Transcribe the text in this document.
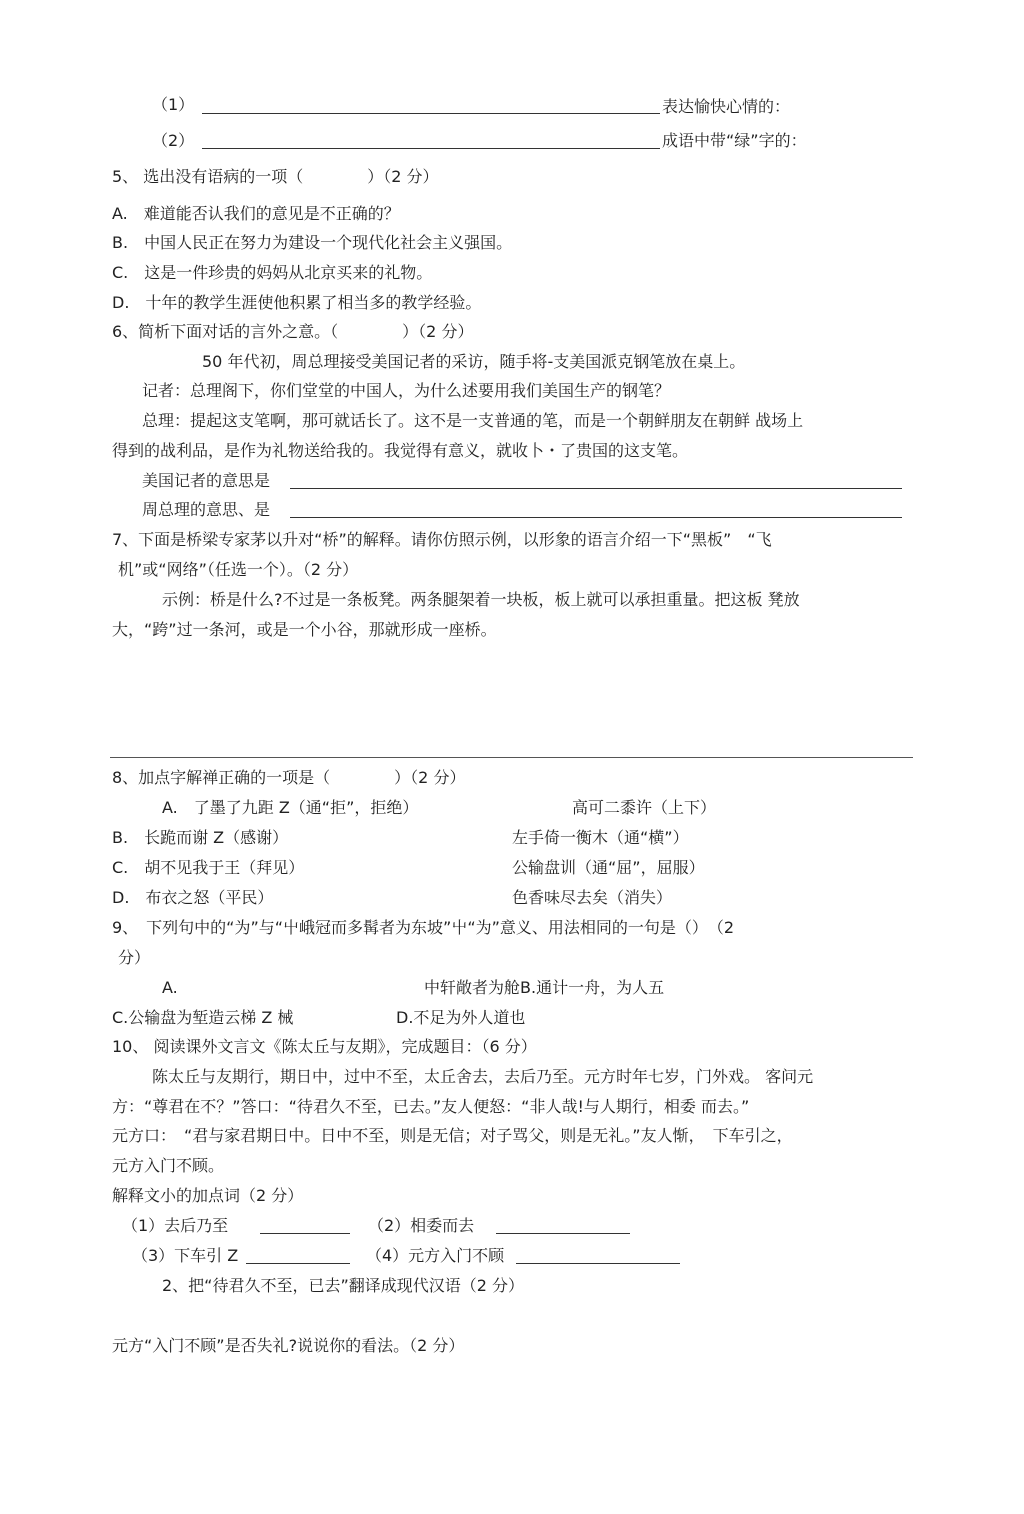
（1）	表达愉快心情的：
（2）	成语中带“绿”字的：
5、 选出没有语病的一项（　　　　）（2 分）
A.　难道能否认我们的意见是不正确的？
B.　中国人民正在努力为建设一个现代化社会主义强国。
C.　这是一件珍贵的妈妈从北京买来的礼物。
D.　十年的教学生涯使他积累了相当多的教学经验。
6、简析下面对话的言外之意。（　　　　）（2 分）
50 年代初，周总理接受美国记者的采访，随手将-支美国派克钢笔放在桌上。
记者：总理阁下，你们堂堂的中国人，为什么述要用我们美国生产的钢笔？
总理：提起这支笔啊，那可就话长了。这不是一支普通的笔，而是一个朝鲜朋友在朝鲜 战场上
得到的战利品，是作为礼物送给我的。我觉得有意义，就收卜・了贵国的这支笔。
美国记者的意思是
周总理的意思、是
7、下面是桥梁专家茅以升对“桥”的解释。请你仿照示例，以形象的语言介绍一下“黑板”　“飞
机”或“网络”（任选一个）。（2 分）
示例：桥是什么?不过是一条板凳。两条腿架着一块板，板上就可以承担重量。把这板 凳放
大，“跨”过一条河，或是一个小谷，那就形成一座桥。
8、加点字解禅正确的一项是（　　　　）（2 分）
A.　了墨了九距 Z（通“拒”，拒绝）	高可二黍许（上下）
B.　长跪而谢 Z（感谢）	左手倚一衡木（通“横”）
C.　胡不见我于王（拜见）	公输盘训（通“屈”，屈服）
D.　布衣之怒（平民）	色香味尽去矣（消失）
9、　下列句中的“为”与“屮峨冠而多髯者为东坡”屮“为”意义、用法相同的一句是（）　（2
分）
A.	中轩敞者为舱B.通计一舟，为人五
C.公输盘为堑造云梯 Z 械	D.不足为外人道也
10、 阅读课外文言文《陈太丘与友期》，完成题目：（6 分）
陈太丘与友期行，期日中，过中不至，太丘舍去，去后乃至。元方时年七岁，门外戏。 客问元
方：“尊君在不？”答口：“待君久不至，已去。”友人便怒：“非人哉!与人期行，相委 而去。”
元方口：　“君与家君期日中。日中不至，则是无信；对子骂父，则是无礼。”友人惭，　下车引之，
元方入门不顾。
解释文小的加点词（2 分）
（1）去后乃至	（2）相委而去
（3）下车引 Z	（4）元方入门不顾
2、把“待君久不至，已去”翻译成现代汉语（2 分）
元方“入门不顾”是否失礼?说说你的看法。（2 分）
